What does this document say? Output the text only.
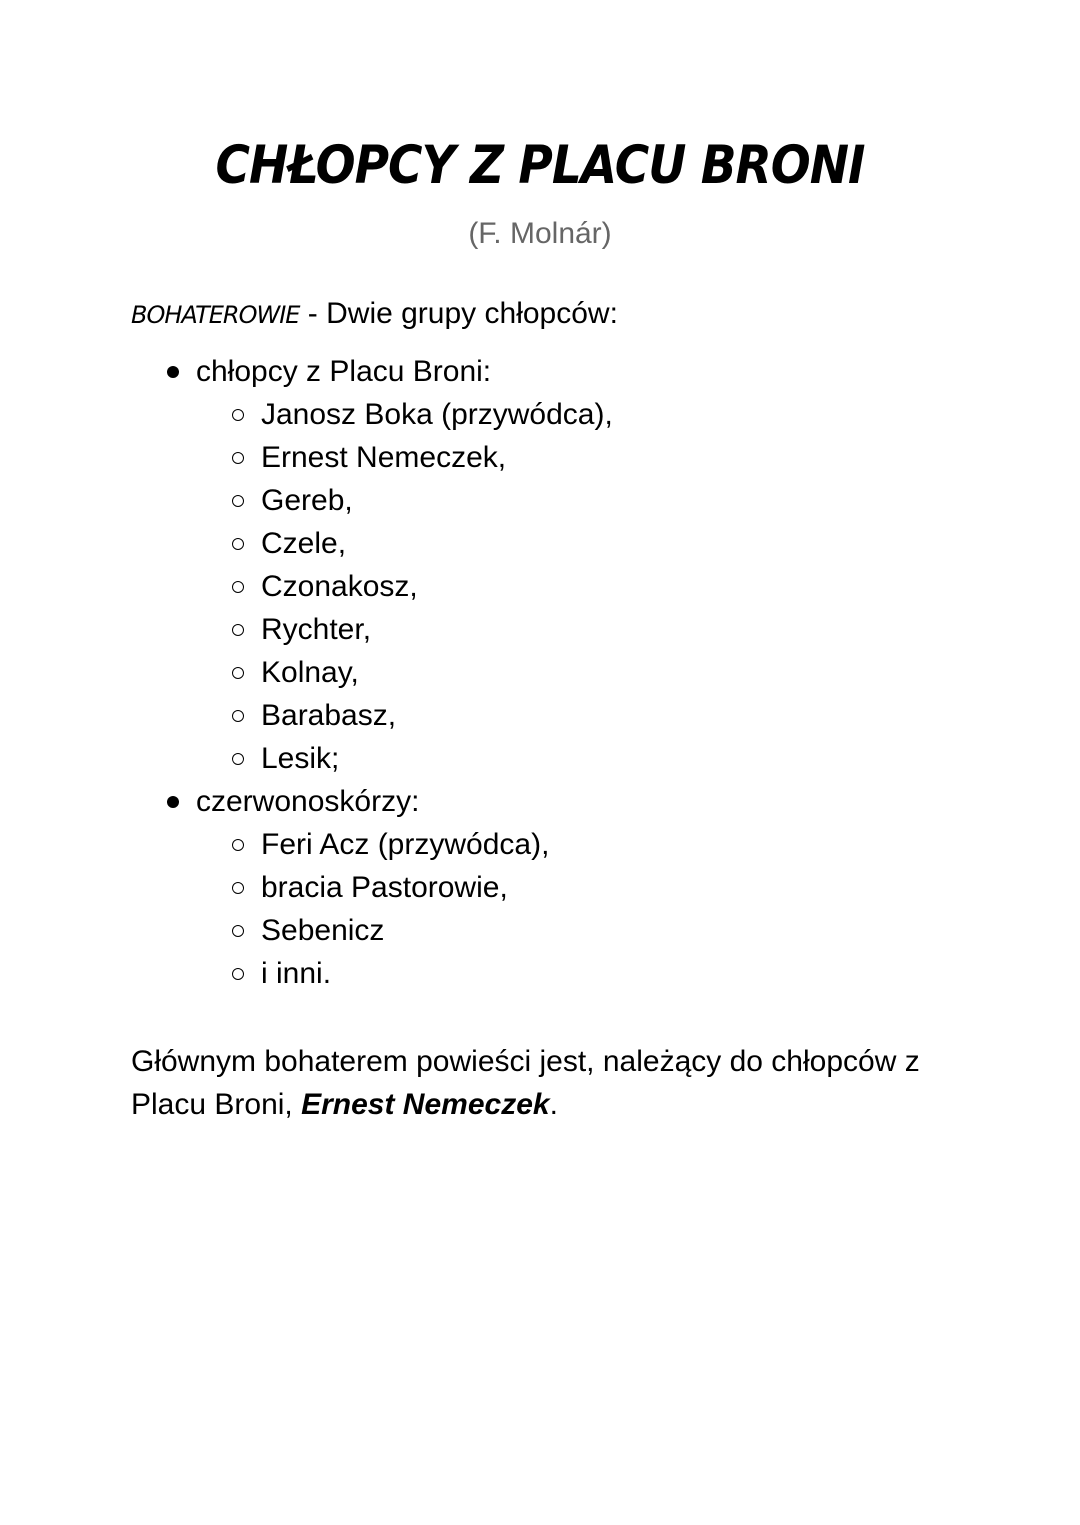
CHŁOPCY Z PLACU BRONI
(F. Molnár)
BOHATEROWIE - Dwie grupy chłopców:
chłopcy z Placu Broni:
Janosz Boka (przywódca),
Ernest Nemeczek,
Gereb,
Czele,
Czonakosz,
Rychter,
Kolnay,
Barabasz,
Lesik;
czerwonoskórzy:
Feri Acz (przywódca),
bracia Pastorowie,
Sebenicz
i inni.

Głównym bohaterem powieści jest, należący do chłopców z Placu Broni, Ernest Nemeczek.
